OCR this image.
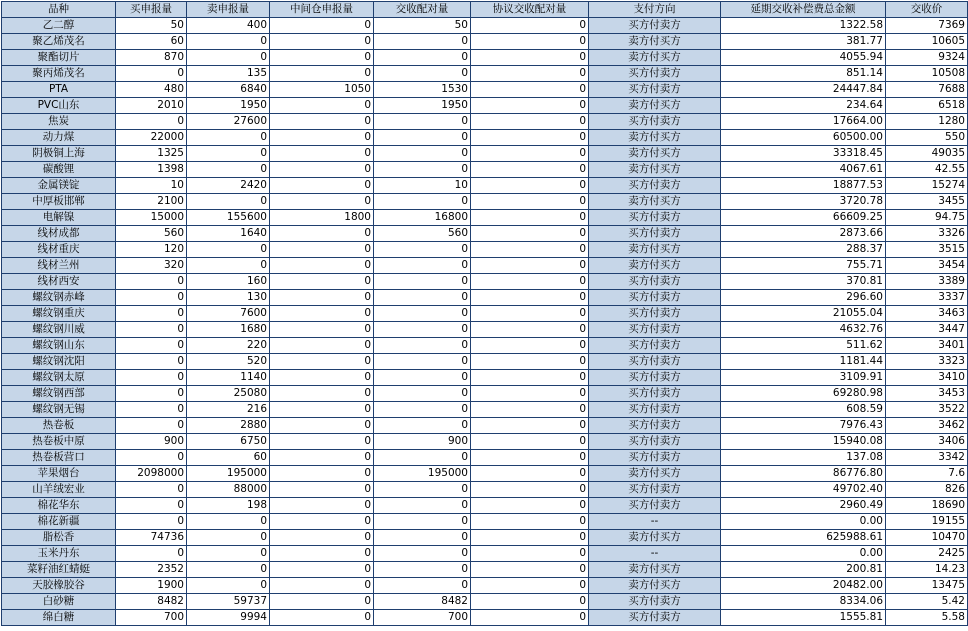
品种	买申报量	卖申报量	中间仓申报量	交收配对量	协议交收配对量	支付方向	延期交收补偿费总金额	交收价
乙二醇	50	400	0	50	0	买方付卖方	1322.58	7369
聚乙烯茂名	60	0	0	0	0	卖方付买方	381.77	10605
聚酯切片	870	0	0	0	0	卖方付买方	4055.94	9324
聚丙烯茂名	0	135	0	0	0	买方付卖方	851.14	10508
PTA	480	6840	1050	1530	0	买方付卖方	24447.84	7688
PVC山东	2010	1950	0	1950	0	卖方付买方	234.64	6518
焦炭	0	27600	0	0	0	买方付卖方	17664.00	1280
动力煤	22000	0	0	0	0	卖方付买方	60500.00	550
阴极铜上海	1325	0	0	0	0	卖方付买方	33318.45	49035
碳酸锂	1398	0	0	0	0	卖方付买方	4067.61	42.55
金属镁锭	10	2420	0	10	0	买方付卖方	18877.53	15274
中厚板邯郸	2100	0	0	0	0	卖方付买方	3720.78	3455
电解镍	15000	155600	1800	16800	0	买方付卖方	66609.25	94.75
线材成都	560	1640	0	560	0	买方付卖方	2873.66	3326
线材重庆	120	0	0	0	0	卖方付买方	288.37	3515
线材兰州	320	0	0	0	0	卖方付买方	755.71	3454
线材西安	0	160	0	0	0	买方付卖方	370.81	3389
螺纹钢赤峰	0	130	0	0	0	买方付卖方	296.60	3337
螺纹钢重庆	0	7600	0	0	0	买方付卖方	21055.04	3463
螺纹钢川威	0	1680	0	0	0	买方付卖方	4632.76	3447
螺纹钢山东	0	220	0	0	0	买方付卖方	511.62	3401
螺纹钢沈阳	0	520	0	0	0	买方付卖方	1181.44	3323
螺纹钢太原	0	1140	0	0	0	买方付卖方	3109.91	3410
螺纹钢西部	0	25080	0	0	0	买方付卖方	69280.98	3453
螺纹钢无锡	0	216	0	0	0	买方付卖方	608.59	3522
热卷板	0	2880	0	0	0	买方付卖方	7976.43	3462
热卷板中原	900	6750	0	900	0	买方付卖方	15940.08	3406
热卷板营口	0	60	0	0	0	买方付卖方	137.08	3342
苹果烟台	2098000	195000	0	195000	0	卖方付买方	86776.80	7.6
山羊绒宏业	0	88000	0	0	0	买方付卖方	49702.40	826
棉花华东	0	198	0	0	0	买方付卖方	2960.49	18690
棉花新疆	0	0	0	0	0	--	0.00	19155
脂松香	74736	0	0	0	0	卖方付买方	625988.61	10470
玉米丹东	0	0	0	0	0	--	0.00	2425
菜籽油红蜻蜓	2352	0	0	0	0	卖方付买方	200.81	14.23
天胶橡胶谷	1900	0	0	0	0	卖方付买方	20482.00	13475
白砂糖	8482	59737	0	8482	0	买方付卖方	8334.06	5.42
绵白糖	700	9994	0	700	0	买方付卖方	1555.81	5.58
